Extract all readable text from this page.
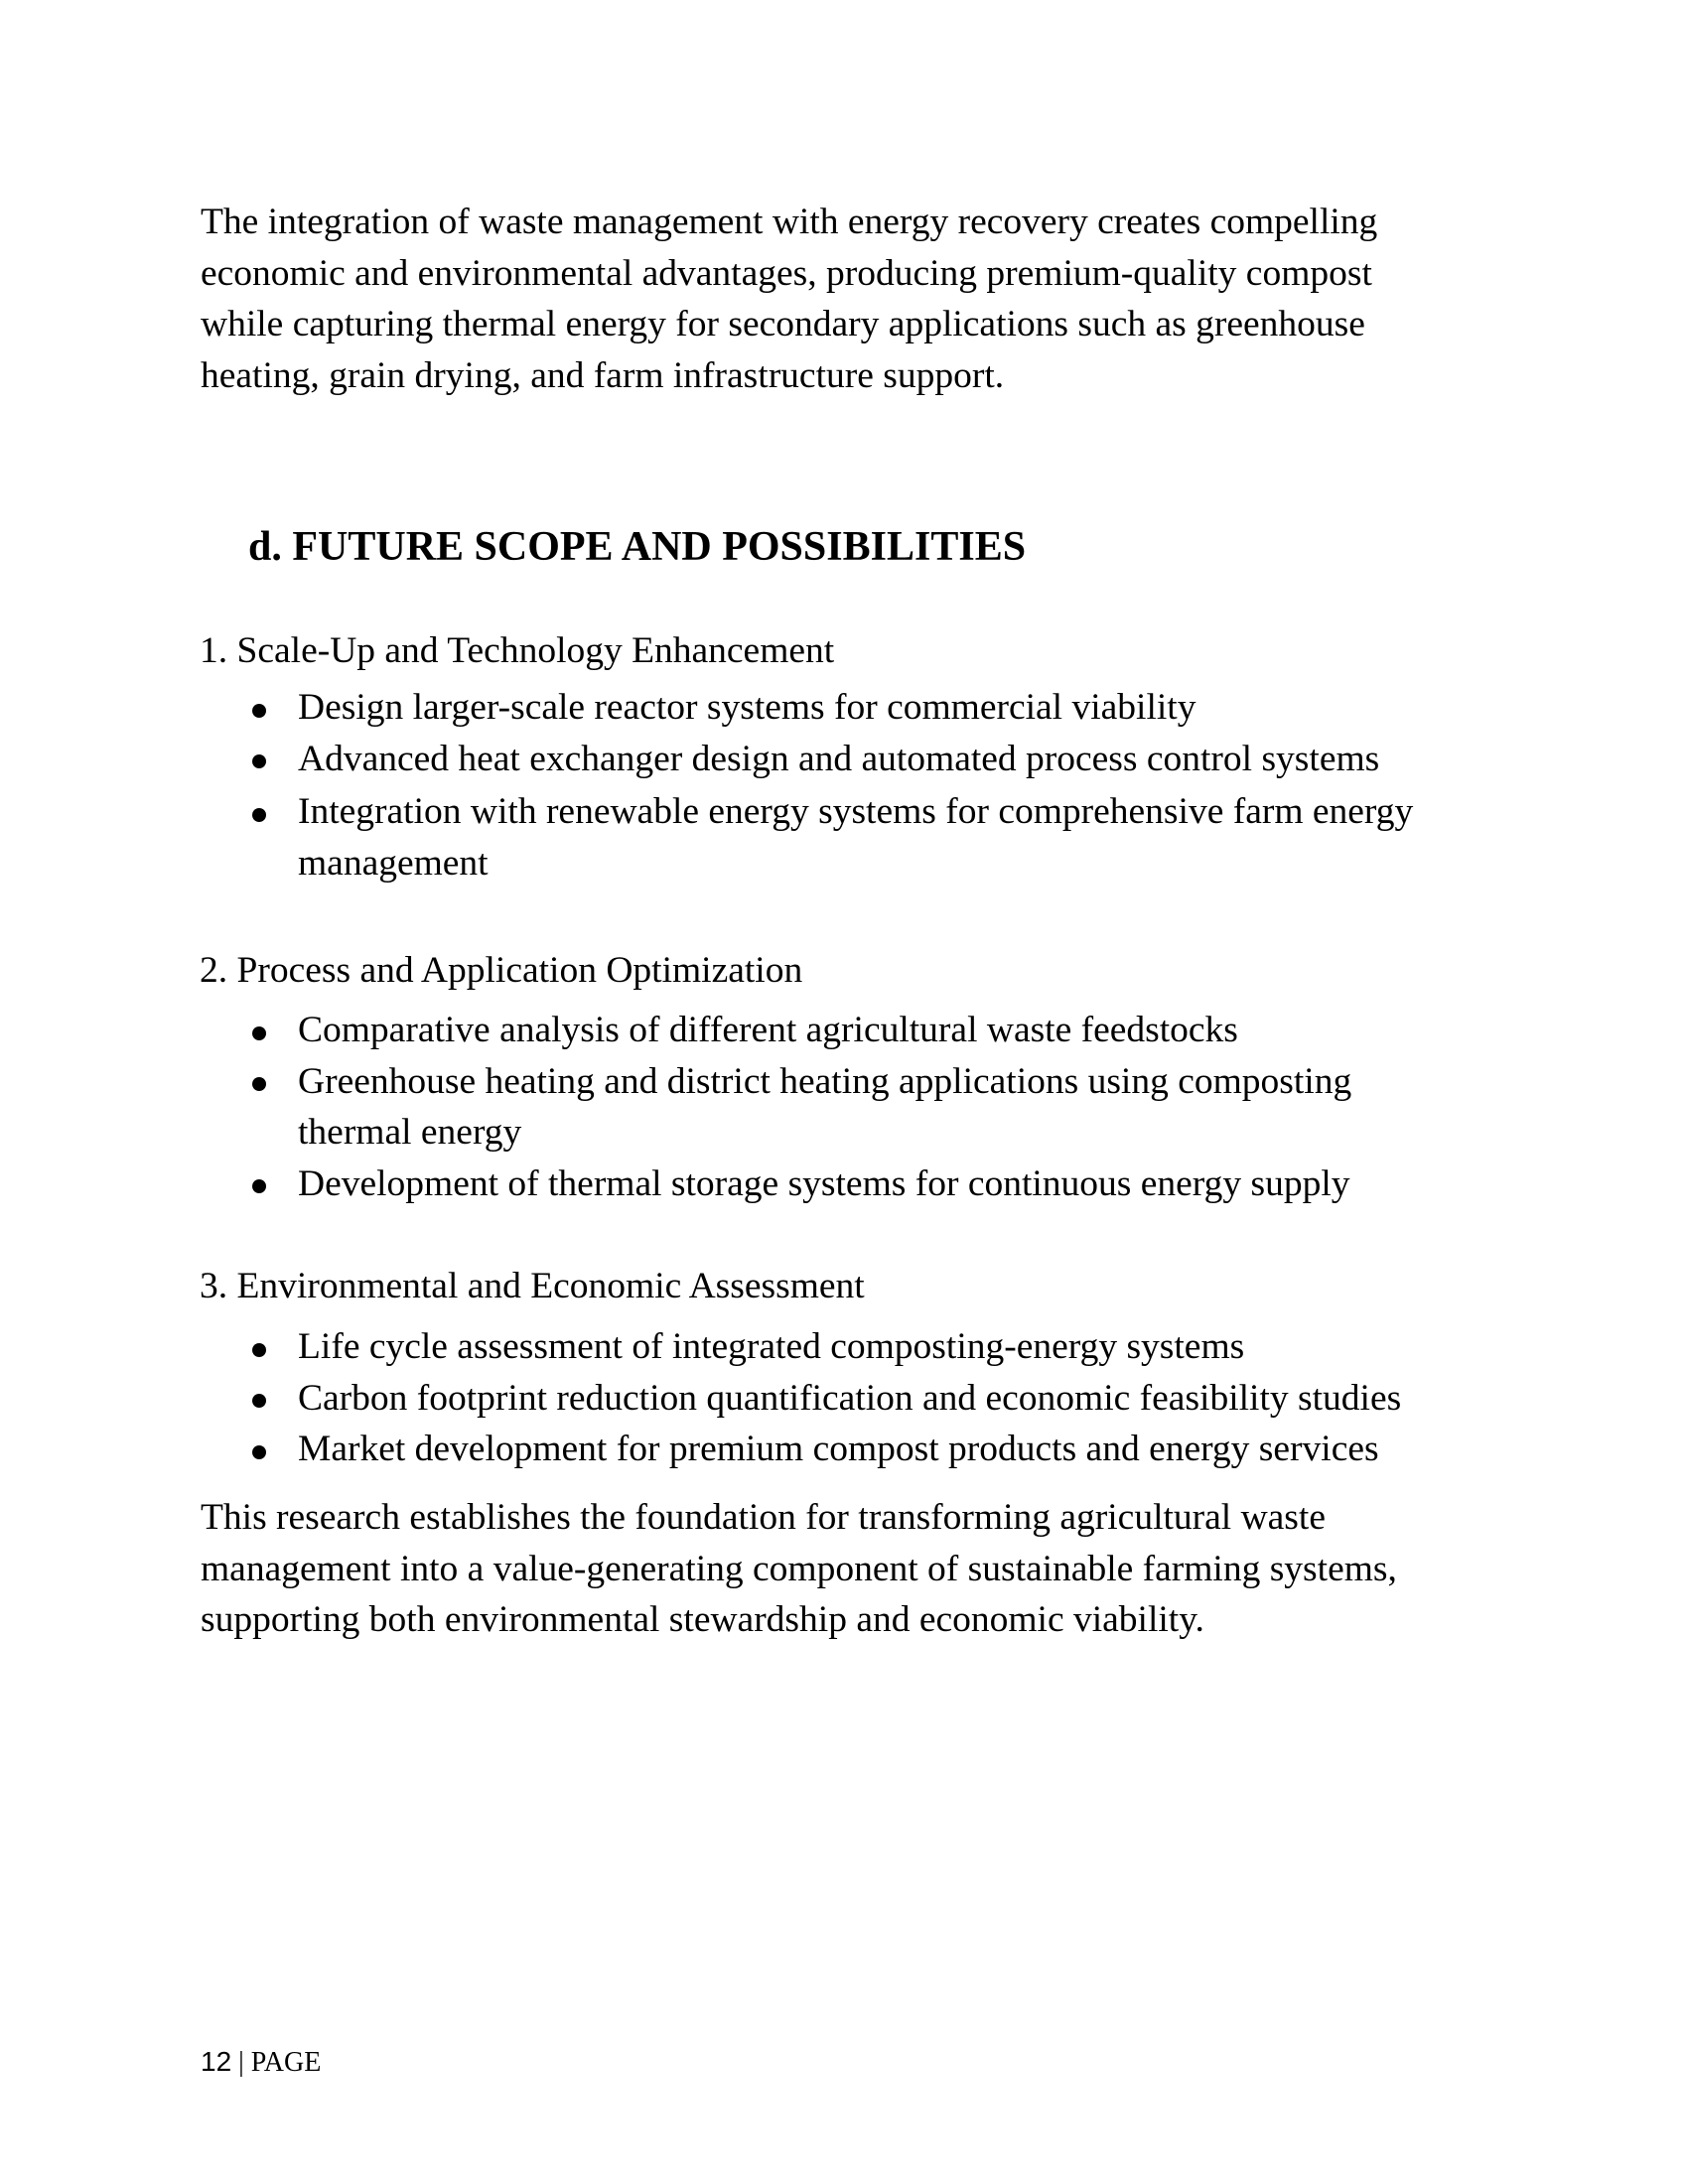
The integration of waste management with energy recovery creates compelling
economic and environmental advantages, producing premium-quality compost
while capturing thermal energy for secondary applications such as greenhouse
heating, grain drying, and farm infrastructure support.
d. FUTURE SCOPE AND POSSIBILITIES
1. Scale-Up and Technology Enhancement
Design larger-scale reactor systems for commercial viability
Advanced heat exchanger design and automated process control systems
Integration with renewable energy systems for comprehensive farm energy
management
2. Process and Application Optimization
Comparative analysis of different agricultural waste feedstocks
Greenhouse heating and district heating applications using composting
thermal energy
Development of thermal storage systems for continuous energy supply
3. Environmental and Economic Assessment
Life cycle assessment of integrated composting-energy systems
Carbon footprint reduction quantification and economic feasibility studies
Market development for premium compost products and energy services
This research establishes the foundation for transforming agricultural waste
management into a value-generating component of sustainable farming systems,
supporting both environmental stewardship and economic viability.
12 | PAGE
